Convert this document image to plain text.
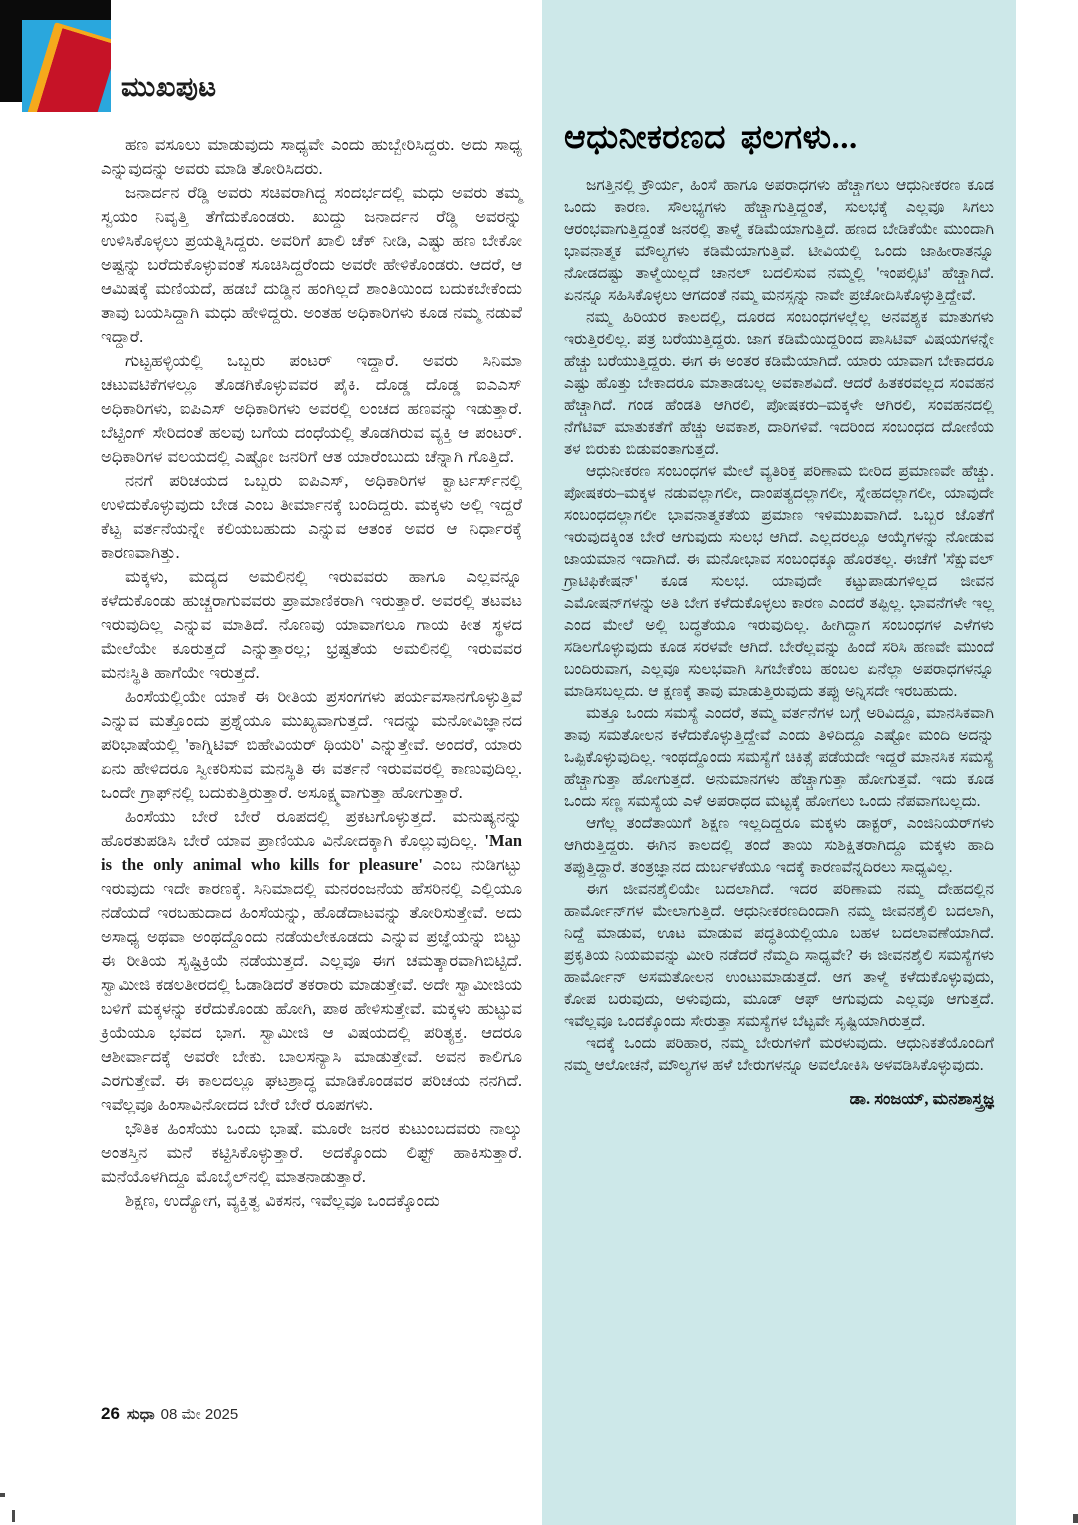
ಮುಖಪುಟ

ಹಣ ವಸೂಲು ಮಾಡುವುದು ಸಾಧ್ಯವೇ ಎಂದು ಹುಬ್ಬೇರಿಸಿದ್ದರು. ಅದು ಸಾಧ್ಯ ಎನ್ನುವುದನ್ನು ಅವರು ಮಾಡಿ ತೋರಿಸಿದರು.

ಜನಾರ್ದನ ರೆಡ್ಡಿ ಅವರು ಸಚಿವರಾಗಿದ್ದ ಸಂದರ್ಭದಲ್ಲಿ ಮಧು ಅವರು ತಮ್ಮ ಸ್ವಯಂ ನಿವೃತ್ತಿ ತೆಗೆದುಕೊಂಡರು. ಖುದ್ದು ಜನಾರ್ದನ ರೆಡ್ಡಿ ಅವರನ್ನು ಉಳಿಸಿಕೊಳ್ಳಲು ಪ್ರಯತ್ನಿಸಿದ್ದರು. ಅವರಿಗೆ ಖಾಲಿ ಚೆಕ್ ನೀಡಿ, ಎಷ್ಟು ಹಣ ಬೇಕೋ ಅಷ್ಟನ್ನು ಬರೆದುಕೊಳ್ಳುವಂತೆ ಸೂಚಿಸಿದ್ದರೆಂದು ಅವರೇ ಹೇಳಿಕೊಂಡರು. ಆದರೆ, ಆ ಆಮಿಷಕ್ಕೆ ಮಣಿಯದೆ, ಹಡಬೆ ದುಡ್ಡಿನ ಹಂಗಿಲ್ಲದೆ ಶಾಂತಿಯಿಂದ ಬದುಕಬೇಕೆಂದು ತಾವು ಬಯಸಿದ್ದಾಗಿ ಮಧು ಹೇಳಿದ್ದರು. ಅಂತಹ ಅಧಿಕಾರಿಗಳು ಕೂಡ ನಮ್ಮ ನಡುವೆ ಇದ್ದಾರೆ.

ಗುಟ್ಟಹಳ್ಳಿಯಲ್ಲಿ ಒಬ್ಬರು ಪಂಟರ್ ಇದ್ದಾರೆ. ಅವರು ಸಿನಿಮಾ ಚಟುವಟಿಕೆಗಳಲ್ಲೂ ತೊಡಗಿಕೊಳ್ಳುವವರ ಪೈಕಿ. ದೊಡ್ಡ ದೊಡ್ಡ ಐಎಎಸ್ ಅಧಿಕಾರಿಗಳು, ಐಪಿಎಸ್ ಅಧಿಕಾರಿಗಳು ಅವರಲ್ಲಿ ಲಂಚದ ಹಣವನ್ನು ಇಡುತ್ತಾರೆ. ಬೆಟ್ಟಿಂಗ್ ಸೇರಿದಂತೆ ಹಲವು ಬಗೆಯ ದಂಧೆಯಲ್ಲಿ ತೊಡಗಿರುವ ವ್ಯಕ್ತಿ ಆ ಪಂಟರ್. ಅಧಿಕಾರಿಗಳ ವಲಯದಲ್ಲಿ ಎಷ್ಟೋ ಜನರಿಗೆ ಆತ ಯಾರೆಂಬುದು ಚೆನ್ನಾಗಿ ಗೊತ್ತಿದೆ.

ನನಗೆ ಪರಿಚಯದ ಒಬ್ಬರು ಐಪಿಎಸ್, ಅಧಿಕಾರಿಗಳ ಕ್ವಾರ್ಟರ್ಸ್‌ನಲ್ಲಿ ಉಳಿದುಕೊಳ್ಳುವುದು ಬೇಡ ಎಂಬ ತೀರ್ಮಾನಕ್ಕೆ ಬಂದಿದ್ದರು. ಮಕ್ಕಳು ಅಲ್ಲಿ ಇದ್ದರೆ ಕೆಟ್ಟ ವರ್ತನೆಯನ್ನೇ ಕಲಿಯಬಹುದು ಎನ್ನುವ ಆತಂಕ ಅವರ ಆ ನಿರ್ಧಾರಕ್ಕೆ ಕಾರಣವಾಗಿತ್ತು.

ಮಕ್ಕಳು, ಮದ್ಯದ ಅಮಲಿನಲ್ಲಿ ಇರುವವರು ಹಾಗೂ ಎಲ್ಲವನ್ನೂ ಕಳೆದುಕೊಂಡು ಹುಚ್ಚರಾಗುವವರು ಪ್ರಾಮಾಣಿಕರಾಗಿ ಇರುತ್ತಾರೆ. ಅವರಲ್ಲಿ ತಟವಟ ಇರುವುದಿಲ್ಲ ಎನ್ನುವ ಮಾತಿದೆ. ನೊಣವು ಯಾವಾಗಲೂ ಗಾಯ ಕೀತ ಸ್ಥಳದ ಮೇಲೆಯೇ ಕೂರುತ್ತದೆ ಎನ್ನುತ್ತಾರಲ್ಲ; ಭ್ರಷ್ಟತೆಯ ಅಮಲಿನಲ್ಲಿ ಇರುವವರ ಮನಃಸ್ಥಿತಿ ಹಾಗೆಯೇ ಇರುತ್ತದೆ.

ಹಿಂಸೆಯಲ್ಲಿಯೇ ಯಾಕೆ ಈ ರೀತಿಯ ಪ್ರಸಂಗಗಳು ಪರ್ಯವಸಾನಗೊಳ್ಳುತ್ತಿವೆ ಎನ್ನುವ ಮತ್ತೊಂದು ಪ್ರಶ್ನೆಯೂ ಮುಖ್ಯವಾಗುತ್ತದೆ. ಇದನ್ನು ಮನೋವಿಜ್ಞಾನದ ಪರಿಭಾಷೆಯಲ್ಲಿ 'ಕಾಗ್ನಿಟಿವ್ ಬಿಹೇವಿಯರ್ ಥಿಯರಿ' ಎನ್ನುತ್ತೇವೆ. ಅಂದರೆ, ಯಾರು ಏನು ಹೇಳಿದರೂ ಸ್ವೀಕರಿಸುವ ಮನಸ್ಥಿತಿ ಈ ವರ್ತನೆ ಇರುವವರಲ್ಲಿ ಕಾಣುವುದಿಲ್ಲ. ಒಂದೇ ಗ್ರಾಫ್‌ನಲ್ಲಿ ಬದುಕುತ್ತಿರುತ್ತಾರೆ. ಅಸೂಕ್ಷ್ಮವಾಗುತ್ತಾ ಹೋಗುತ್ತಾರೆ.

ಹಿಂಸೆಯು ಬೇರೆ ಬೇರೆ ರೂಪದಲ್ಲಿ ಪ್ರಕಟಗೊಳ್ಳುತ್ತದೆ. ಮನುಷ್ಯನನ್ನು ಹೊರತುಪಡಿಸಿ ಬೇರೆ ಯಾವ ಪ್ರಾಣಿಯೂ ವಿನೋದಕ್ಕಾಗಿ ಕೊಲ್ಲುವುದಿಲ್ಲ. 'Man is the only animal who kills for pleasure' ಎಂಬ ನುಡಿಗಟ್ಟು ಇರುವುದು ಇದೇ ಕಾರಣಕ್ಕೆ. ಸಿನಿಮಾದಲ್ಲಿ ಮನರಂಜನೆಯ ಹೆಸರಿನಲ್ಲಿ ಎಲ್ಲಿಯೂ ನಡೆಯದೆ ಇರಬಹುದಾದ ಹಿಂಸೆಯನ್ನು, ಹೊಡೆದಾಟವನ್ನು ತೋರಿಸುತ್ತೇವೆ. ಅದು ಅಸಾಧ್ಯ ಅಥವಾ ಅಂಥದ್ದೊಂದು ನಡೆಯಲೇಕೂಡದು ಎನ್ನುವ ಪ್ರಜ್ಞೆಯನ್ನು ಬಿಟ್ಟು ಈ ರೀತಿಯ ಸೃಷ್ಟಿಕ್ರಿಯೆ ನಡೆಯುತ್ತದೆ. ಎಲ್ಲವೂ ಈಗ ಚಮತ್ಕಾರವಾಗಿಬಿಟ್ಟಿದೆ. ಸ್ವಾಮೀಜಿ ಕಡಲತೀರದಲ್ಲಿ ಓಡಾಡಿದರೆ ತಕರಾರು ಮಾಡುತ್ತೇವೆ. ಅದೇ ಸ್ವಾಮೀಜಿಯ ಬಳಿಗೆ ಮಕ್ಕಳನ್ನು ಕರೆದುಕೊಂಡು ಹೋಗಿ, ಪಾಠ ಹೇಳಿಸುತ್ತೇವೆ. ಮಕ್ಕಳು ಹುಟ್ಟುವ ಕ್ರಿಯೆಯೂ ಭವದ ಭಾಗ. ಸ್ವಾಮೀಜಿ ಆ ವಿಷಯದಲ್ಲಿ ಪರಿತ್ಯಕ್ತ. ಆದರೂ ಆಶೀರ್ವಾದಕ್ಕೆ ಅವರೇ ಬೇಕು. ಬಾಲಸನ್ಯಾಸಿ ಮಾಡುತ್ತೇವೆ. ಅವನ ಕಾಲಿಗೂ ಎರಗುತ್ತೇವೆ. ಈ ಕಾಲದಲ್ಲೂ ಘಟಶ್ರಾದ್ಧ ಮಾಡಿಕೊಂಡವರ ಪರಿಚಯ ನನಗಿದೆ. ಇವೆಲ್ಲವೂ ಹಿಂಸಾವಿನೋದದ ಬೇರೆ ಬೇರೆ ರೂಪಗಳು.

ಭೌತಿಕ ಹಿಂಸೆಯು ಒಂದು ಭಾಷೆ. ಮೂರೇ ಜನರ ಕುಟುಂಬದವರು ನಾಲ್ಕು ಅಂತಸ್ತಿನ ಮನೆ ಕಟ್ಟಿಸಿಕೊಳ್ಳುತ್ತಾರೆ. ಅದಕ್ಕೊಂದು ಲಿಫ್ಟ್ ಹಾಕಿಸುತ್ತಾರೆ. ಮನೆಯೊಳಗಿದ್ದೂ ಮೊಬೈಲ್‌ನಲ್ಲಿ ಮಾತನಾಡುತ್ತಾರೆ.

ಶಿಕ್ಷಣ, ಉದ್ಯೋಗ, ವ್ಯಕ್ತಿತ್ವ ವಿಕಸನ, ಇವೆಲ್ಲವೂ ಒಂದಕ್ಕೊಂದು

ಆಧುನೀಕರಣದ ಫಲಗಳು...

ಜಗತ್ತಿನಲ್ಲಿ ಕ್ರೌರ್ಯ, ಹಿಂಸೆ ಹಾಗೂ ಅಪರಾಧಗಳು ಹೆಚ್ಚಾಗಲು ಆಧುನೀಕರಣ ಕೂಡ ಒಂದು ಕಾರಣ. ಸೌಲಭ್ಯಗಳು ಹೆಚ್ಚಾಗುತ್ತಿದ್ದಂತೆ, ಸುಲಭಕ್ಕೆ ಎಲ್ಲವೂ ಸಿಗಲು ಆರಂಭವಾಗುತ್ತಿದ್ದಂತೆ ಜನರಲ್ಲಿ ತಾಳ್ಮೆ ಕಡಿಮೆಯಾಗುತ್ತಿದೆ. ಹಣದ ಬೇಡಿಕೆಯೇ ಮುಂದಾಗಿ ಭಾವನಾತ್ಮಕ ಮೌಲ್ಯಗಳು ಕಡಿಮೆಯಾಗುತ್ತಿವೆ. ಟೀವಿಯಲ್ಲಿ ಒಂದು ಜಾಹೀರಾತನ್ನೂ ನೋಡದಷ್ಟು ತಾಳ್ಮೆಯಿಲ್ಲದೆ ಚಾನಲ್ ಬದಲಿಸುವ ನಮ್ಮಲ್ಲಿ 'ಇಂಪಲ್ಸಿಟಿ' ಹೆಚ್ಚಾಗಿದೆ. ಏನನ್ನೂ ಸಹಿಸಿಕೊಳ್ಳಲು ಆಗದಂತೆ ನಮ್ಮ ಮನಸ್ಸನ್ನು ನಾವೇ ಪ್ರಚೋದಿಸಿಕೊಳ್ಳುತ್ತಿದ್ದೇವೆ.

ನಮ್ಮ ಹಿರಿಯರ ಕಾಲದಲ್ಲಿ, ದೂರದ ಸಂಬಂಧಗಳಲ್ಲೆಲ್ಲ ಅನವಶ್ಯಕ ಮಾತುಗಳು ಇರುತ್ತಿರಲಿಲ್ಲ. ಪತ್ರ ಬರೆಯುತ್ತಿದ್ದರು. ಜಾಗ ಕಡಿಮೆಯಿದ್ದರಿಂದ ಪಾಸಿಟಿವ್ ವಿಷಯಗಳನ್ನೇ ಹೆಚ್ಚು ಬರೆಯುತ್ತಿದ್ದರು. ಈಗ ಈ ಅಂತರ ಕಡಿಮೆಯಾಗಿದೆ. ಯಾರು ಯಾವಾಗ ಬೇಕಾದರೂ ಎಷ್ಟು ಹೊತ್ತು ಬೇಕಾದರೂ ಮಾತಾಡಬಲ್ಲ ಅವಕಾಶವಿದೆ. ಆದರೆ ಹಿತಕರವಲ್ಲದ ಸಂವಹನ ಹೆಚ್ಚಾಗಿದೆ. ಗಂಡ ಹೆಂಡತಿ ಆಗಿರಲಿ, ಪೋಷಕರು–ಮಕ್ಕಳೇ ಆಗಿರಲಿ, ಸಂವಹನದಲ್ಲಿ ನೆಗೆಟಿವ್ ಮಾತುಕತೆಗೆ ಹೆಚ್ಚು ಅವಕಾಶ, ದಾರಿಗಳಿವೆ. ಇದರಿಂದ ಸಂಬಂಧದ ದೋಣಿಯ ತಳ ಬಿರುಕು ಬಿಡುವಂತಾಗುತ್ತದೆ.

ಆಧುನೀಕರಣ ಸಂಬಂಧಗಳ ಮೇಲೆ ವ್ಯತಿರಿಕ್ತ ಪರಿಣಾಮ ಬೀರಿದ ಪ್ರಮಾಣವೇ ಹೆಚ್ಚು. ಪೋಷಕರು–ಮಕ್ಕಳ ನಡುವಲ್ಲಾಗಲೀ, ದಾಂಪತ್ಯದಲ್ಲಾಗಲೀ, ಸ್ನೇಹದಲ್ಲಾಗಲೀ, ಯಾವುದೇ ಸಂಬಂಧದಲ್ಲಾಗಲೀ ಭಾವನಾತ್ಮಕತೆಯ ಪ್ರಮಾಣ ಇಳಿಮುಖವಾಗಿದೆ. ಒಬ್ಬರ ಜೊತೆಗೆ ಇರುವುದಕ್ಕಿಂತ ಬೇರೆ ಆಗುವುದು ಸುಲಭ ಆಗಿದೆ. ಎಲ್ಲದರಲ್ಲೂ ಆಯ್ಕೆಗಳನ್ನು ನೋಡುವ ಜಾಯಮಾನ ಇದಾಗಿದೆ. ಈ ಮನೋಭಾವ ಸಂಬಂಧಕ್ಕೂ ಹೊರತಲ್ಲ. ಈಚೆಗೆ 'ಸೆಕ್ಷುವಲ್ ಗ್ರಾಟಿಫಿಕೇಷನ್' ಕೂಡ ಸುಲಭ. ಯಾವುದೇ ಕಟ್ಟುಪಾಡುಗಳಿಲ್ಲದ ಜೀವನ ಎಮೋಷನ್‌ಗಳನ್ನು ಅತಿ ಬೇಗ ಕಳೆದುಕೊಳ್ಳಲು ಕಾರಣ ಎಂದರೆ ತಪ್ಪಿಲ್ಲ. ಭಾವನೆಗಳೇ ಇಲ್ಲ ಎಂದ ಮೇಲೆ ಅಲ್ಲಿ ಬದ್ಧತೆಯೂ ಇರುವುದಿಲ್ಲ. ಹೀಗಿದ್ದಾಗ ಸಂಬಂಧಗಳ ಎಳೆಗಳು ಸಡಿಲಗೊಳ್ಳುವುದು ಕೂಡ ಸರಳವೇ ಆಗಿದೆ. ಬೇರೆಲ್ಲವನ್ನು ಹಿಂದೆ ಸರಿಸಿ ಹಣವೇ ಮುಂದೆ ಬಂದಿರುವಾಗ, ಎಲ್ಲವೂ ಸುಲಭವಾಗಿ ಸಿಗಬೇಕೆಂಬ ಹಂಬಲ ಏನೆಲ್ಲಾ ಅಪರಾಧಗಳನ್ನೂ ಮಾಡಿಸಬಲ್ಲದು. ಆ ಕ್ಷಣಕ್ಕೆ ತಾವು ಮಾಡುತ್ತಿರುವುದು ತಪ್ಪು ಅನ್ನಿಸದೇ ಇರಬಹುದು.

ಮತ್ತೂ ಒಂದು ಸಮಸ್ಯೆ ಎಂದರೆ, ತಮ್ಮ ವರ್ತನೆಗಳ ಬಗ್ಗೆ ಅರಿವಿದ್ದೂ, ಮಾನಸಿಕವಾಗಿ ತಾವು ಸಮತೋಲನ ಕಳೆದುಕೊಳ್ಳುತ್ತಿದ್ದೇವೆ ಎಂದು ತಿಳಿದಿದ್ದೂ ಎಷ್ಟೋ ಮಂದಿ ಅದನ್ನು ಒಪ್ಪಿಕೊಳ್ಳುವುದಿಲ್ಲ. ಇಂಥದ್ದೊಂದು ಸಮಸ್ಯೆಗೆ ಚಿಕಿತ್ಸೆ ಪಡೆಯದೇ ಇದ್ದರೆ ಮಾನಸಿಕ ಸಮಸ್ಯೆ ಹೆಚ್ಚಾಗುತ್ತಾ ಹೋಗುತ್ತದೆ. ಅನುಮಾನಗಳು ಹೆಚ್ಚಾಗುತ್ತಾ ಹೋಗುತ್ತವೆ. ಇದು ಕೂಡ ಒಂದು ಸಣ್ಣ ಸಮಸ್ಯೆಯ ಎಳೆ ಅಪರಾಧದ ಮಟ್ಟಕ್ಕೆ ಹೋಗಲು ಒಂದು ನೆಪವಾಗಬಲ್ಲದು.

ಆಗೆಲ್ಲ ತಂದೆತಾಯಿಗೆ ಶಿಕ್ಷಣ ಇಲ್ಲದಿದ್ದರೂ ಮಕ್ಕಳು ಡಾಕ್ಟರ್, ಎಂಜಿನಿಯರ್‌ಗಳು ಆಗಿರುತ್ತಿದ್ದರು. ಈಗಿನ ಕಾಲದಲ್ಲಿ ತಂದೆ ತಾಯಿ ಸುಶಿಕ್ಷಿತರಾಗಿದ್ದೂ ಮಕ್ಕಳು ಹಾದಿ ತಪ್ಪುತ್ತಿದ್ದಾರೆ. ತಂತ್ರಜ್ಞಾನದ ದುರ್ಬಳಕೆಯೂ ಇದಕ್ಕೆ ಕಾರಣವೆನ್ನದಿರಲು ಸಾಧ್ಯವಿಲ್ಲ.

ಈಗ ಜೀವನಶೈಲಿಯೇ ಬದಲಾಗಿದೆ. ಇದರ ಪರಿಣಾಮ ನಮ್ಮ ದೇಹದಲ್ಲಿನ ಹಾರ್ಮೋನ್‌ಗಳ ಮೇಲಾಗುತ್ತಿದೆ. ಆಧುನೀಕರಣದಿಂದಾಗಿ ನಮ್ಮ ಜೀವನಶೈಲಿ ಬದಲಾಗಿ, ನಿದ್ದೆ ಮಾಡುವ, ಊಟ ಮಾಡುವ ಪದ್ಧತಿಯಲ್ಲಿಯೂ ಬಹಳ ಬದಲಾವಣೆಯಾಗಿದೆ. ಪ್ರಕೃತಿಯ ನಿಯಮವನ್ನು ಮೀರಿ ನಡೆದರೆ ನೆಮ್ಮದಿ ಸಾಧ್ಯವೇ? ಈ ಜೀವನಶೈಲಿ ಸಮಸ್ಯೆಗಳು ಹಾರ್ಮೋನ್ ಅಸಮತೋಲನ ಉಂಟುಮಾಡುತ್ತದೆ. ಆಗ ತಾಳ್ಮೆ ಕಳೆದುಕೊಳ್ಳುವುದು, ಕೋಪ ಬರುವುದು, ಅಳುವುದು, ಮೂಡ್ ಆಫ್ ಆಗುವುದು ಎಲ್ಲವೂ ಆಗುತ್ತದೆ. ಇವೆಲ್ಲವೂ ಒಂದಕ್ಕೊಂದು ಸೇರುತ್ತಾ ಸಮಸ್ಯೆಗಳ ಬೆಟ್ಟವೇ ಸೃಷ್ಟಿಯಾಗಿರುತ್ತದೆ.

ಇದಕ್ಕೆ ಒಂದು ಪರಿಹಾರ, ನಮ್ಮ ಬೇರುಗಳಿಗೆ ಮರಳುವುದು. ಆಧುನಿಕತೆಯೊಂದಿಗೆ ನಮ್ಮ ಆಲೋಚನೆ, ಮೌಲ್ಯಗಳ ಹಳೆ ಬೇರುಗಳನ್ನೂ ಅವಲೋಕಿಸಿ ಅಳವಡಿಸಿಕೊಳ್ಳುವುದು.

ಡಾ. ಸಂಜಯ್, ಮನಶಾಸ್ತ್ರಜ್ಞ
26 ಸುಧಾ 08 ಮೇ 2025
